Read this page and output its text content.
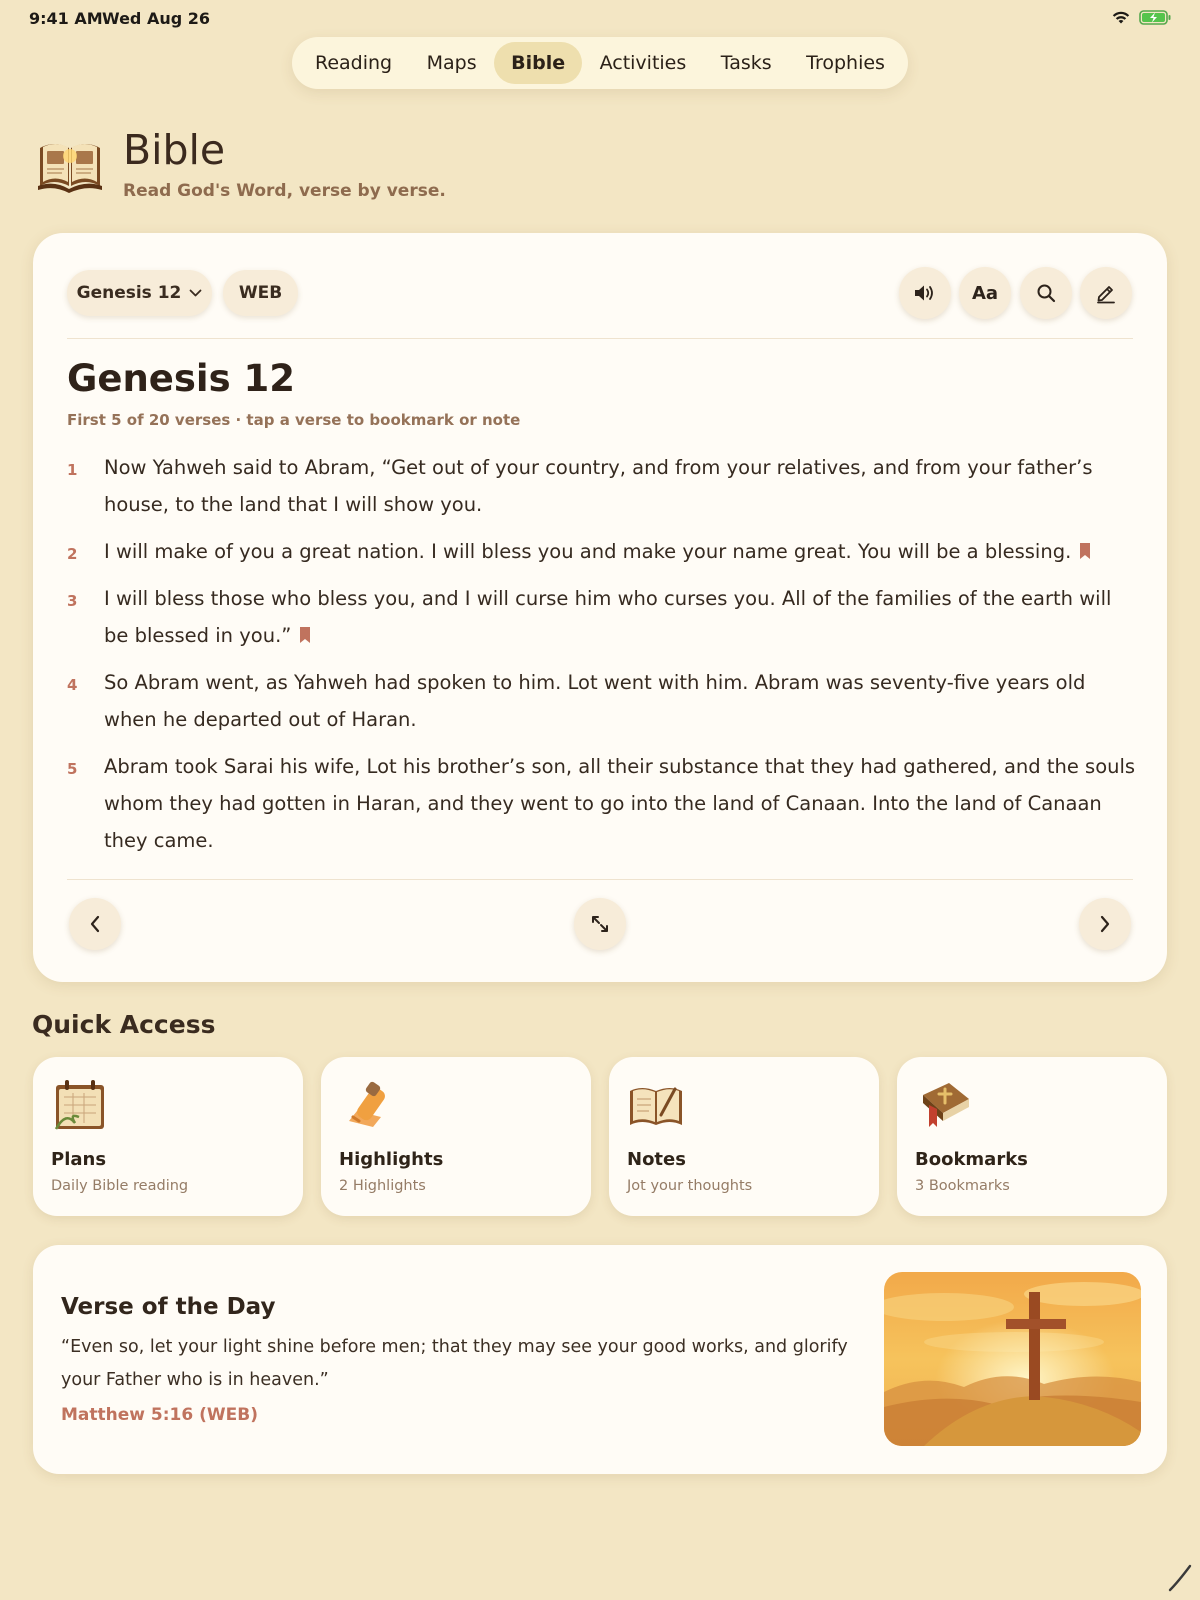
9:41 AM Wed Aug 26
Reading	Maps	Bible	Activities	Tasks	Trophies
Bible
Read God's Word, verse by verse.
Genesis 12	WEB	Aa
Genesis 12
First 5 of 20 verses · tap a verse to bookmark or note
1	Now Yahweh said to Abram, “Get out of your country, and from your relatives, and from your father’s house, to the land that I will show you.
2	I will make of you a great nation. I will bless you and make your name great. You will be a blessing.
3	I will bless those who bless you, and I will curse him who curses you. All of the families of the earth will be blessed in you.”
4	So Abram went, as Yahweh had spoken to him. Lot went with him. Abram was seventy-five years old when he departed out of Haran.
5	Abram took Sarai his wife, Lot his brother’s son, all their substance that they had gathered, and the souls whom they had gotten in Haran, and they went to go into the land of Canaan. Into the land of Canaan they came.
Quick Access
Plans
Daily Bible reading
Highlights
2 Highlights
Notes
Jot your thoughts
Bookmarks
3 Bookmarks
Verse of the Day

“Even so, let your light shine before men; that they may see your good works, and glorify your Father who is in heaven.”

Matthew 5:16 (WEB)
